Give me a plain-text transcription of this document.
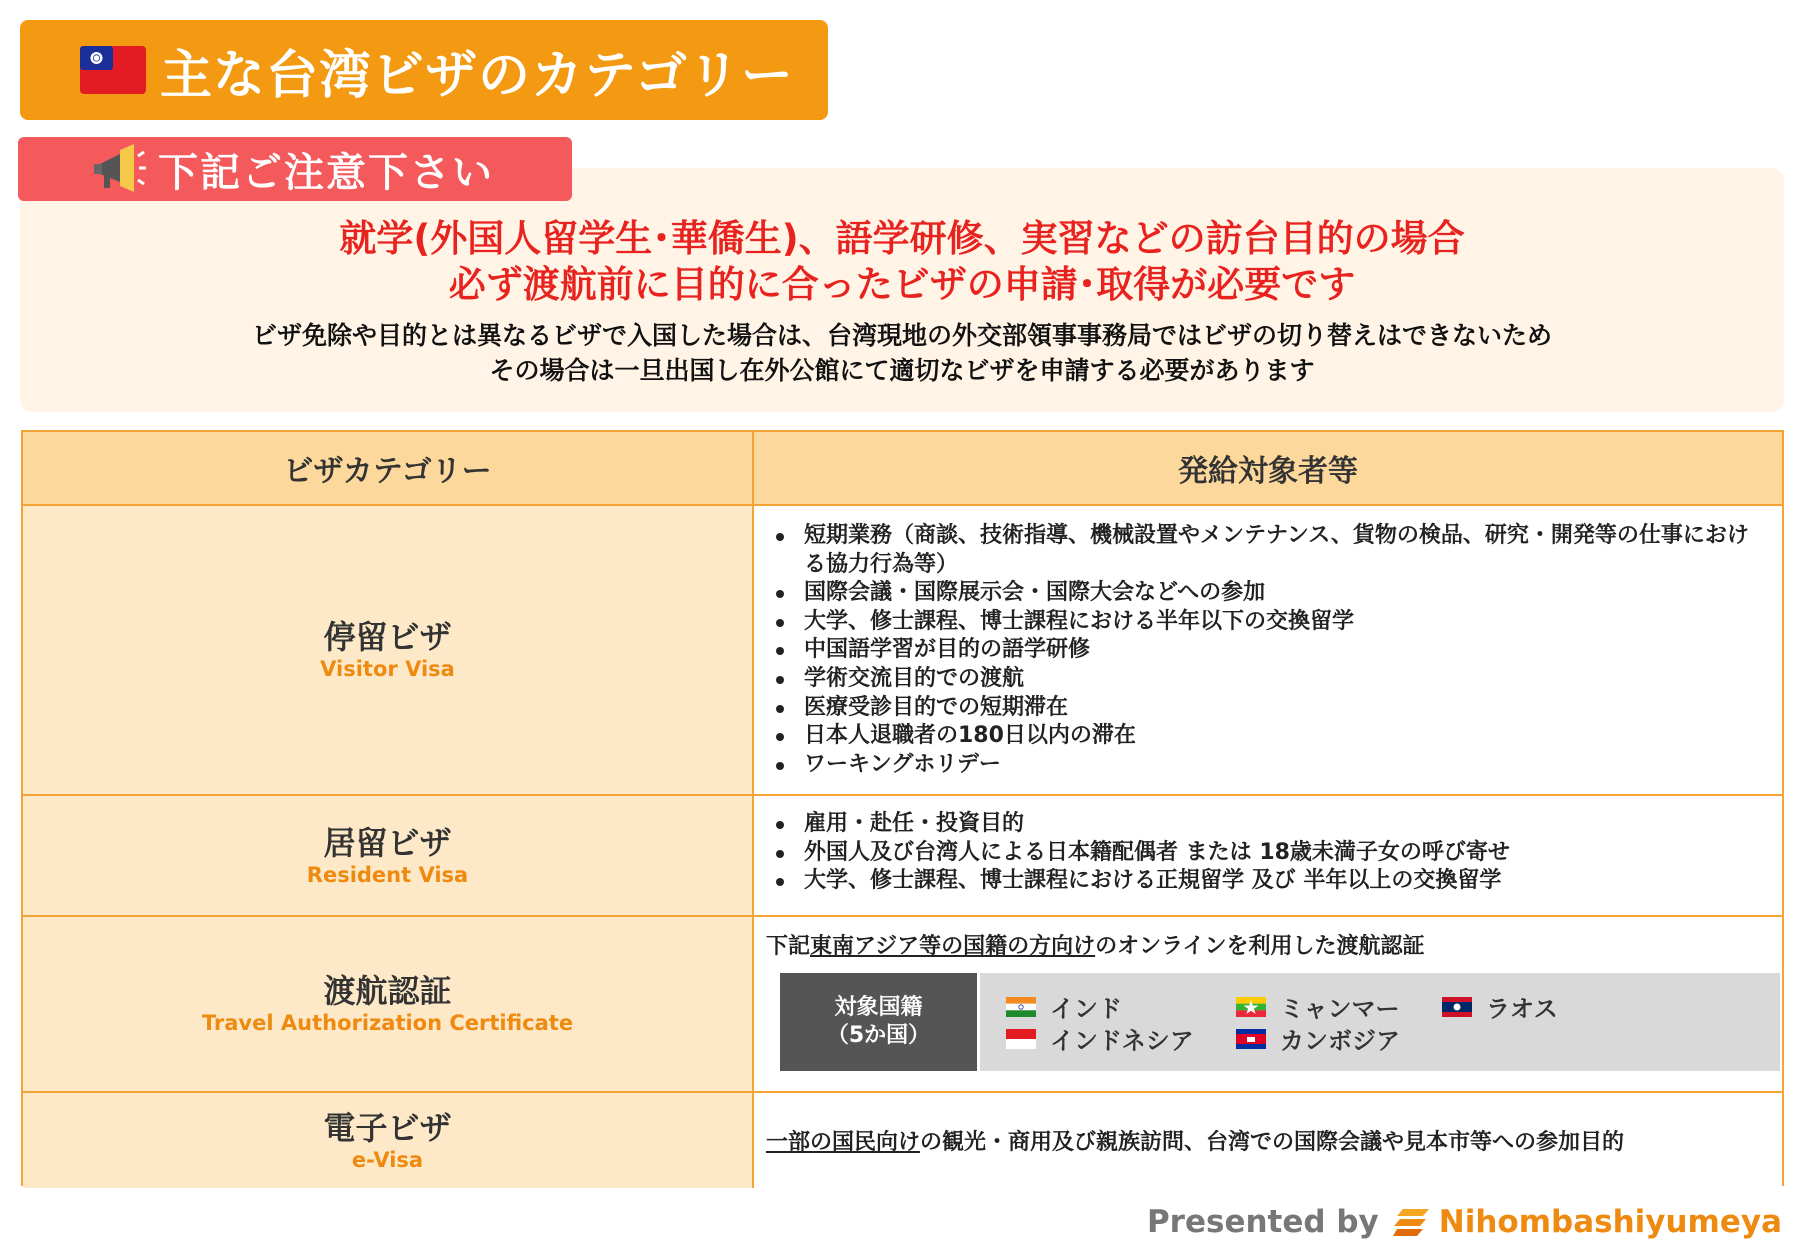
主な台湾ビザのカテゴリー
下記ご注意下さい
就学(外国人留学生･華僑生)、語学研修、実習などの訪台目的の場合
必ず渡航前に目的に合ったビザの申請･取得が必要です
ビザ免除や目的とは異なるビザで入国した場合は、台湾現地の外交部領事事務局ではビザの切り替えはできないため
その場合は一旦出国し在外公館にて適切なビザを申請する必要があります
ビザカテゴリー	発給対象者等
停留ビザ
Visitor Visa
短期業務（商談、技術指導、機械設置やメンテナンス、貨物の検品、研究・開発等の仕事における協力行為等）
国際会議・国際展示会・国際大会などへの参加
大学、修士課程、博士課程における半年以下の交換留学
中国語学習が目的の語学研修
学術交流目的での渡航
医療受診目的での短期滞在
日本人退職者の180日以内の滞在
ワーキングホリデー
居留ビザ
Resident Visa
雇用・赴任・投資目的
外国人及び台湾人による日本籍配偶者 または 18歳未満子女の呼び寄せ
大学、修士課程、博士課程における正規留学 及び 半年以上の交換留学
渡航認証
Travel Authorization Certificate
下記東南アジア等の国籍の方向けのオンラインを利用した渡航認証
対象国籍
（5か国）
インド
インドネシア
ミャンマー
カンボジア
ラオス
電子ビザ
e-Visa
一部の国民向けの観光・商用及び親族訪問、台湾での国際会議や見本市等への参加目的
Presented by Nihombashiyumeya
